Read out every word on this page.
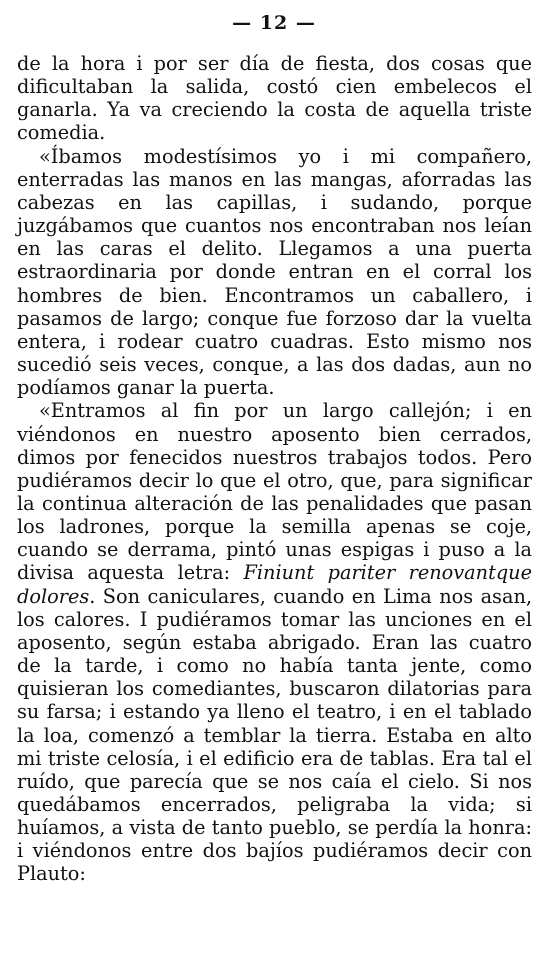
— 12 —

de la hora i por ser día de fiesta, dos cosas que dificultaban la salida, costó cien embelecos el ganarla. Ya va creciendo la costa de aquella triste comedia.

«Íbamos modestísimos yo i mi compañero, enterradas las manos en las mangas, aforradas las cabezas en las capillas, i sudando, porque juzgábamos que cuantos nos encontraban nos leían en las caras el delito. Llegamos a una puerta estraordinaria por donde entran en el corral los hombres de bien. Encontramos un caballero, i pasamos de largo; conque fue forzoso dar la vuelta entera, i rodear cuatro cuadras. Esto mismo nos sucedió seis veces, conque, a las dos dadas, aun no podíamos ganar la puerta.

«Entramos al fin por un largo callejón; i en viéndonos en nuestro aposento bien cerrados, dimos por fenecidos nuestros trabajos todos. Pero pudiéramos decir lo que el otro, que, para significar la continua alteración de las penalidades que pasan los ladrones, porque la semilla apenas se coje, cuando se derrama, pintó unas espigas i puso a la divisa aquesta letra: Finiunt pariter renovantque dolores. Son caniculares, cuando en Lima nos asan, los calores. I pudiéramos tomar las unciones en el aposento, según estaba abrigado. Eran las cuatro de la tarde, i como no había tanta jente, como quisieran los comediantes, buscaron dilatorias para su farsa; i estando ya lleno el teatro, i en el tablado la loa, comenzó a temblar la tierra. Estaba en alto mi triste celosía, i el edificio era de tablas. Era tal el ruído, que parecía que se nos caía el cielo. Si nos quedábamos encerrados, peligraba la vida; si huíamos, a vista de tanto pueblo, se perdía la honra: i viéndonos entre dos bajíos pudiéramos decir con Plauto:
